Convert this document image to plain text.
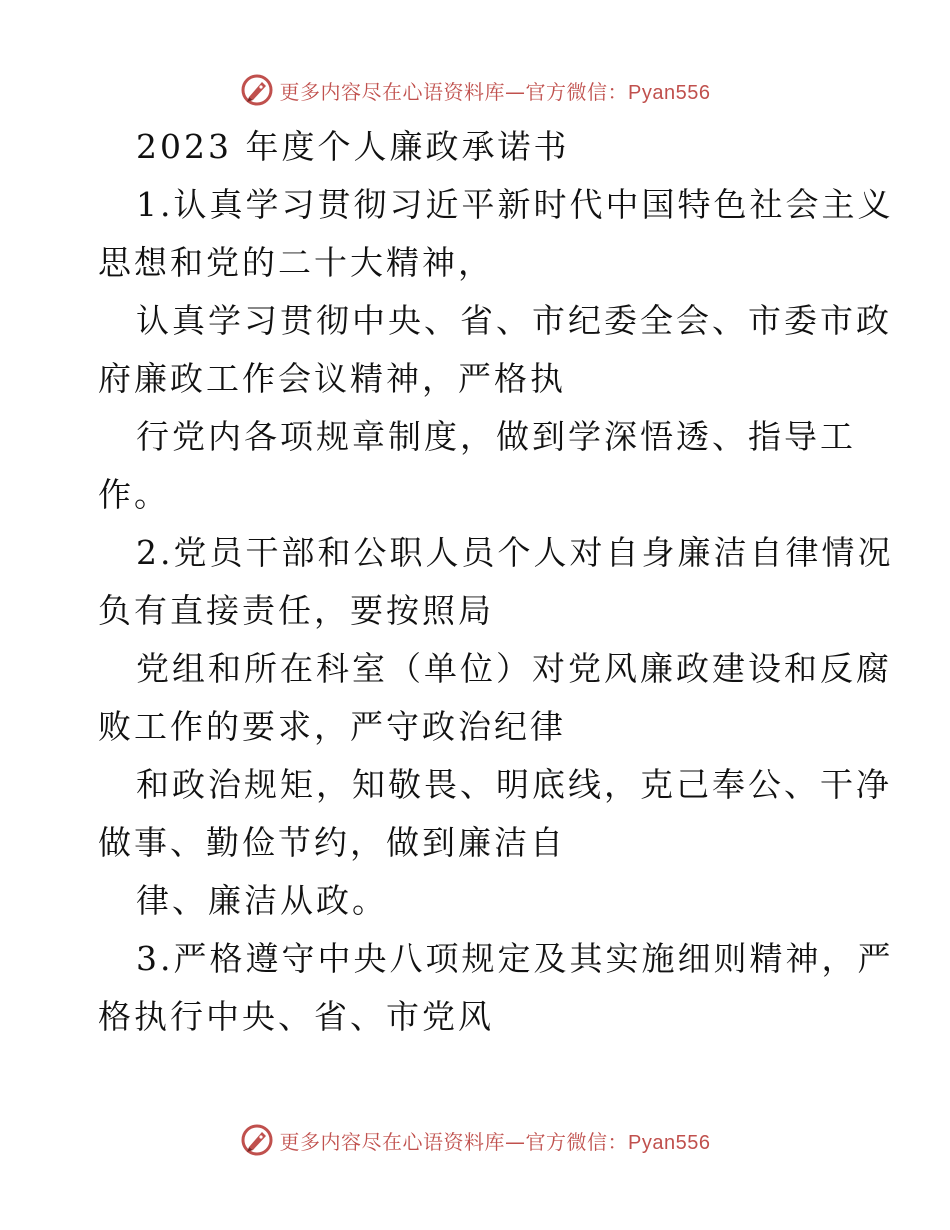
更多内容尽在心语资料库—官方微信：Pyan556
2023 年度个人廉政承诺书
1.认真学习贯彻习近平新时代中国特色社会主义
思想和党的二十大精神，
认真学习贯彻中央、省、市纪委全会、市委市政
府廉政工作会议精神，严格执
行党内各项规章制度，做到学深悟透、指导工
作。
2.党员干部和公职人员个人对自身廉洁自律情况
负有直接责任，要按照局
党组和所在科室（单位）对党风廉政建设和反腐
败工作的要求，严守政治纪律
和政治规矩，知敬畏、明底线，克己奉公、干净
做事、勤俭节约，做到廉洁自
律、廉洁从政。
3.严格遵守中央八项规定及其实施细则精神，严
格执行中央、省、市党风
更多内容尽在心语资料库—官方微信：Pyan556
